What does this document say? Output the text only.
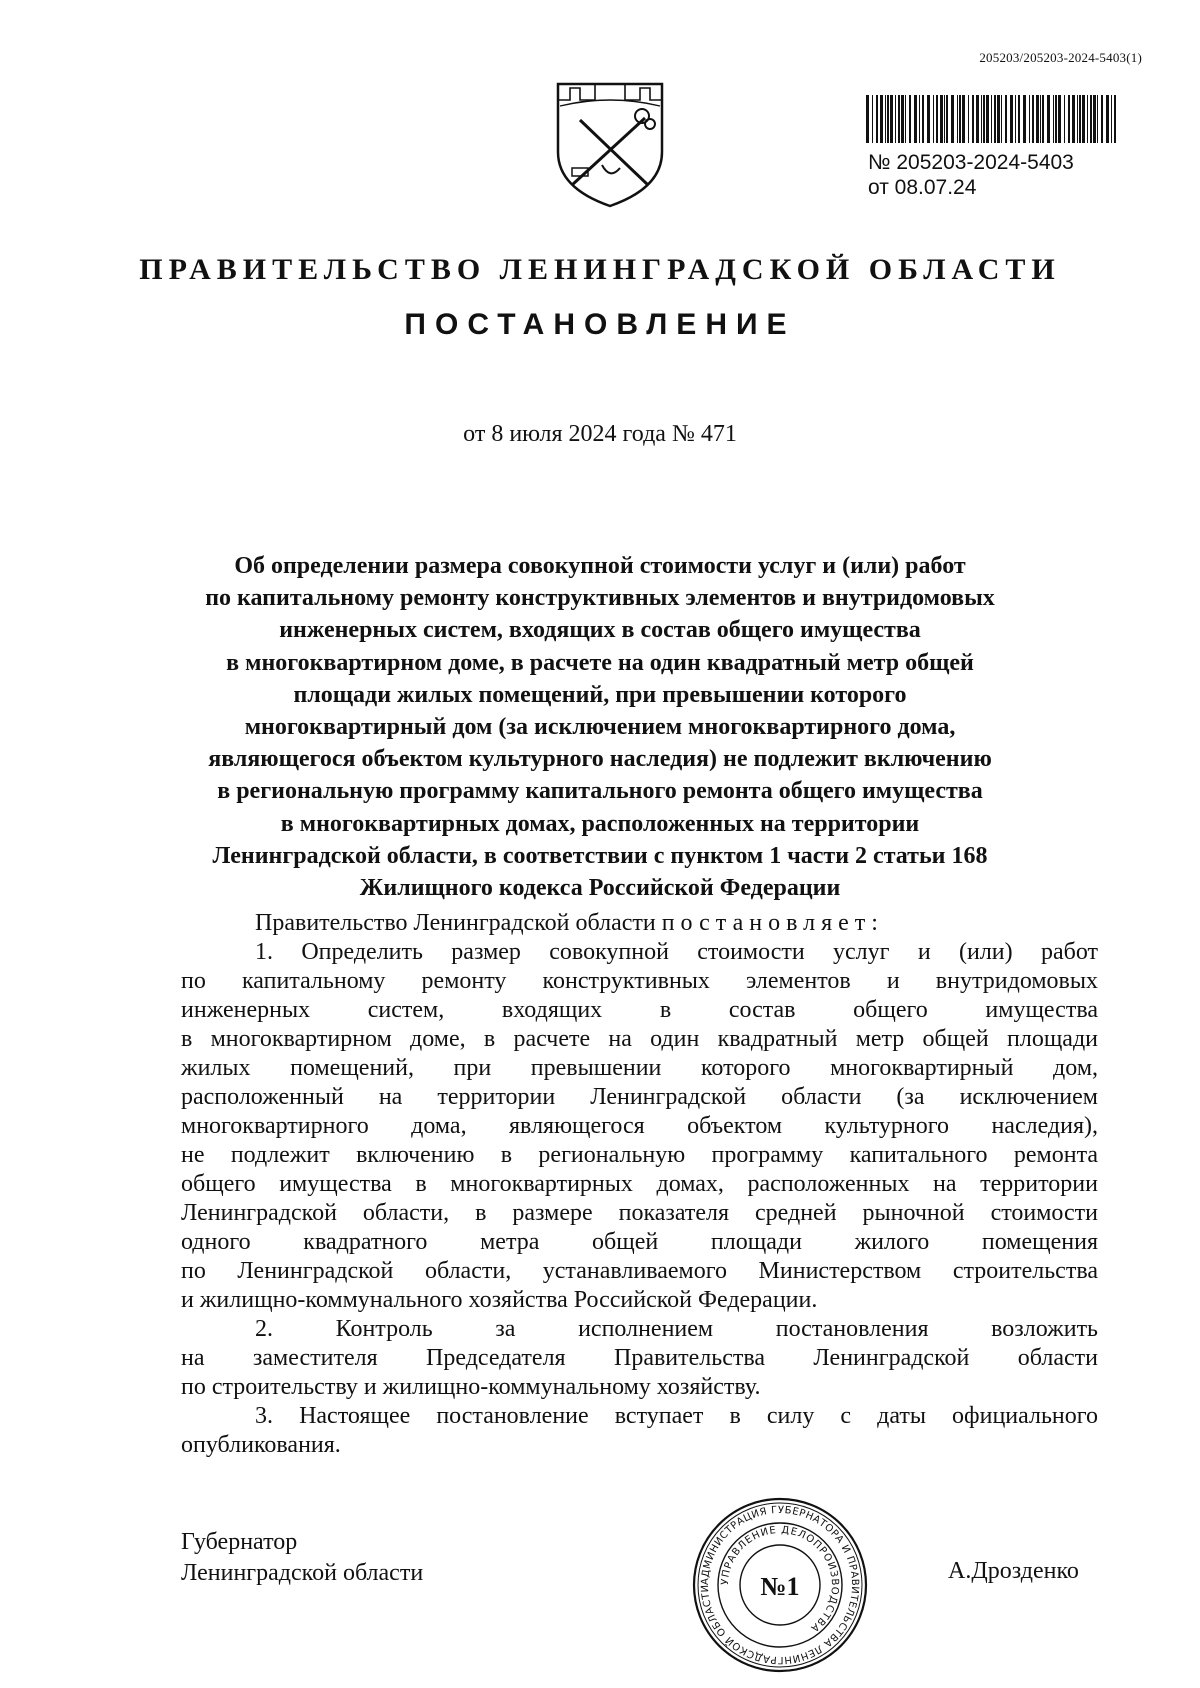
205203/205203-2024-5403(1)
№ 205203-2024-5403
от 08.07.24
ПРАВИТЕЛЬСТВО ЛЕНИНГРАДСКОЙ ОБЛАСТИ
ПОСТАНОВЛЕНИЕ
от 8 июля 2024 года № 471
Об определении размера совокупной стоимости услуг и (или) работ
по капитальному ремонту конструктивных элементов и внутридомовых
инженерных систем, входящих в состав общего имущества
в многоквартирном доме, в расчете на один квадратный метр общей
площади жилых помещений, при превышении которого
многоквартирный дом (за исключением многоквартирного дома,
являющегося объектом культурного наследия) не подлежит включению
в региональную программу капитального ремонта общего имущества
в многоквартирных домах, расположенных на территории
Ленинградской области, в соответствии с пунктом 1 части 2 статьи 168
Жилищного кодекса Российской Федерации
Правительство Ленинградской области постановляет:
1. Определить размер совокупной стоимости услуг и (или) работ
по капитальному ремонту конструктивных элементов и внутридомовых
инженерных систем, входящих в состав общего имущества
в многоквартирном доме, в расчете на один квадратный метр общей площади
жилых помещений, при превышении которого многоквартирный дом,
расположенный на территории Ленинградской области (за исключением
многоквартирного дома, являющегося объектом культурного наследия),
не подлежит включению в региональную программу капитального ремонта
общего имущества в многоквартирных домах, расположенных на территории
Ленинградской области, в размере показателя средней рыночной стоимости
одного квадратного метра общей площади жилого помещения
по Ленинградской области, устанавливаемого Министерством строительства
и жилищно-коммунального хозяйства Российской Федерации.
2. Контроль за исполнением постановления возложить
на заместителя Председателя Правительства Ленинградской области
по строительству и жилищно-коммунальному хозяйству.
3. Настоящее постановление вступает в силу с даты официального
опубликования.
Губернатор
Ленинградской области	А.Дрозденко
АДМИНИСТРАЦИЯ ГУБЕРНАТОРА И ПРАВИТЕЛЬСТВА ЛЕНИНГРАДСКОЙ ОБЛАСТИ
УПРАВЛЕНИЕ ДЕЛОПРОИЗВОДСТВА
№1
